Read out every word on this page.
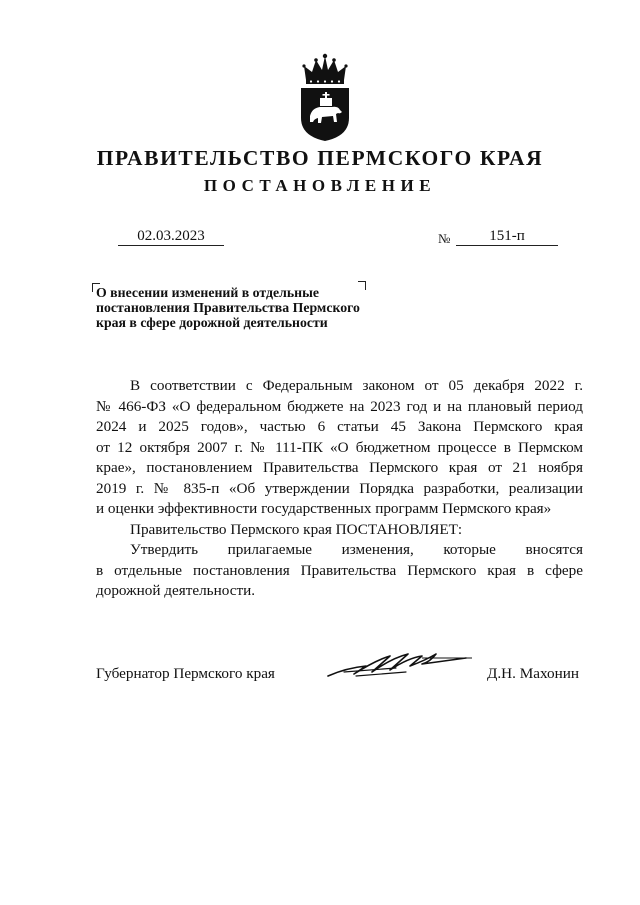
ПРАВИТЕЛЬСТВО ПЕРМСКОГО КРАЯ
ПОСТАНОВЛЕНИЕ
02.03.2023	№	151-п
О внесении изменений в отдельные
постановления Правительства Пермского
края в сфере дорожной деятельности
В соответствии с Федеральным законом от 05 декабря 2022 г.
№ 466-ФЗ «О федеральном бюджете на 2023 год и на плановый период
2024 и 2025 годов», частью 6 статьи 45 Закона Пермского края
от 12 октября 2007 г. № 111-ПК «О бюджетном процессе в Пермском
крае», постановлением Правительства Пермского края от 21 ноября
2019 г. № 835-п «Об утверждении Порядка разработки, реализации
и оценки эффективности государственных программ Пермского края»
Правительство Пермского края ПОСТАНОВЛЯЕТ:
Утвердить прилагаемые изменения, которые вносятся
в отдельные постановления Правительства Пермского края в сфере
дорожной деятельности.
Губернатор Пермского края	Д.Н. Махонин
